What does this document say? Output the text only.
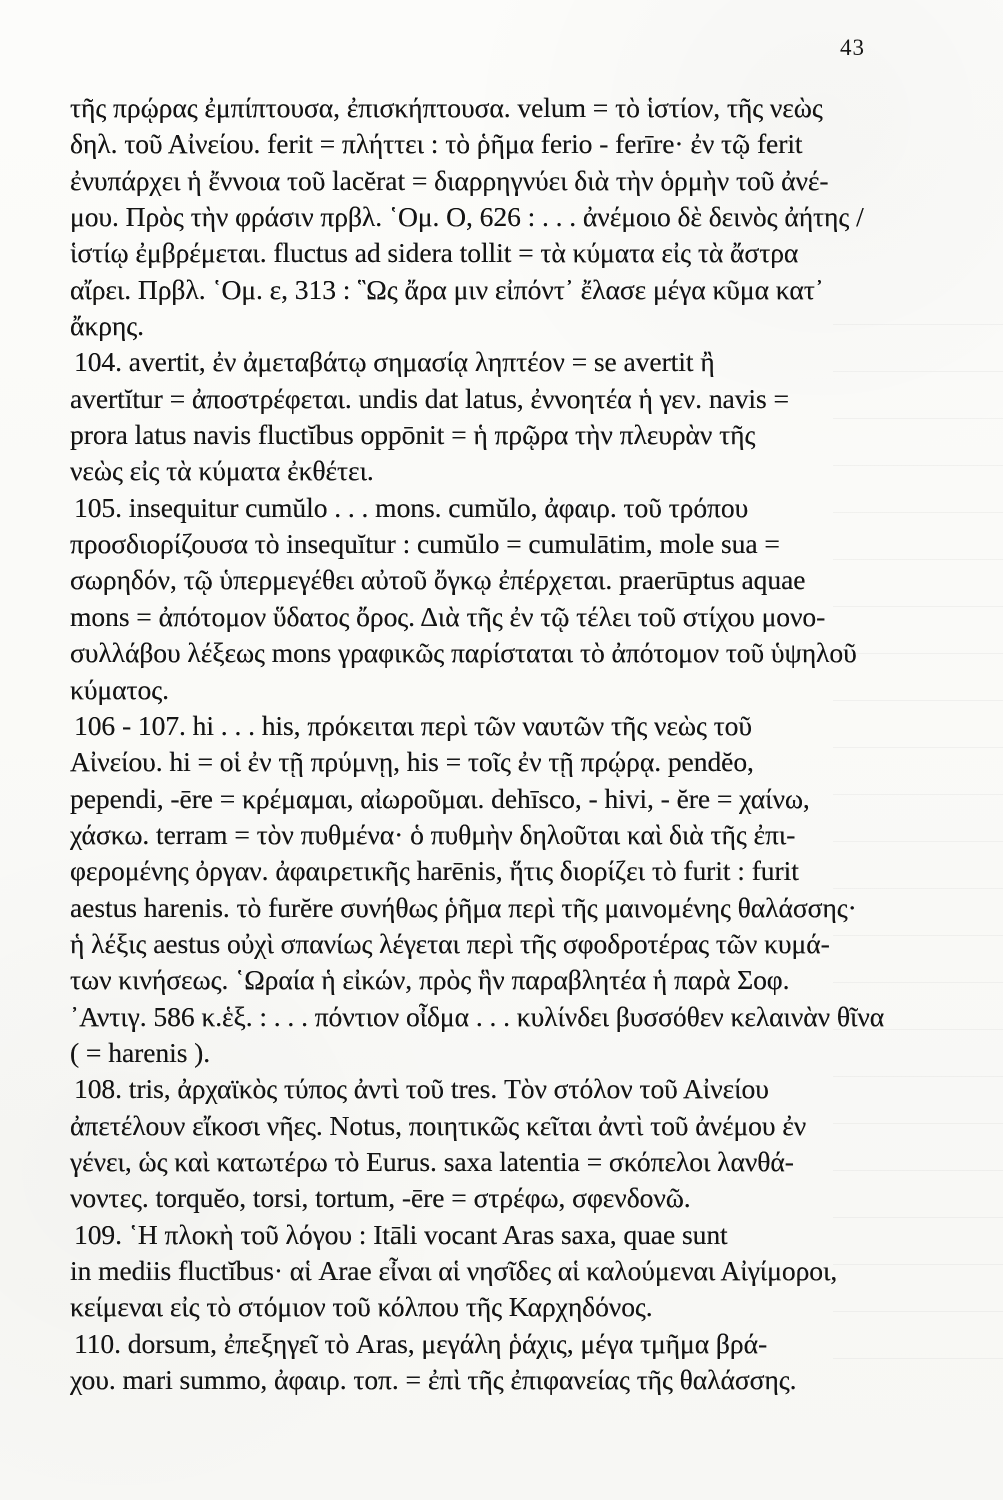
43
τῆς πρῴρας ἐμπίπτουσα, ἐπισκήπτουσα. velum = τὸ ἱστίον, τῆς νεὼς
δηλ. τοῦ Αἰνείου. ferit = πλήττει : τὸ ῥῆμα ferio - ferīre· ἐν τῷ ferit
ἐνυπάρχει ἡ ἔννοια τοῦ lacĕrat = διαρρηγνύει διὰ τὴν ὁρμὴν τοῦ ἀνέ-
μου. Πρὸς τὴν φράσιν πρβλ. ῾Ομ. Ο, 626 : . . . ἀνέμοιο δὲ δεινὸς ἀήτης /
ἱστίῳ ἐμβρέμεται. fluctus ad sidera tollit = τὰ κύματα εἰς τὰ ἄστρα
αἴρει. Πρβλ. ῾Ομ. ε, 313 : ῝Ως ἄρα μιν εἰπόντ᾽ ἔλασε μέγα κῦμα κατ᾽
ἄκρης.
104. avertit, ἐν ἀμεταβάτῳ σημασίᾳ ληπτέον = se avertit ἢ
avertĭtur = ἀποστρέφεται. undis dat latus, ἐννοητέα ἡ γεν. navis =
prora latus navis fluctĭbus oppōnit = ἡ πρῷρα τὴν πλευρὰν τῆς
νεὼς εἰς τὰ κύματα ἐκθέτει.
105. insequitur cumŭlo . . . mons. cumŭlo, ἀφαιρ. τοῦ τρόπου
προσδιορίζουσα τὸ insequĭtur : cumŭlo = cumulātim, mole sua =
σωρηδόν, τῷ ὑπερμεγέθει αὐτοῦ ὄγκῳ ἐπέρχεται. praerūptus aquae
mons = ἀπότομον ὕδατος ὄρος. Διὰ τῆς ἐν τῷ τέλει τοῦ στίχου μονο-
συλλάβου λέξεως mons γραφικῶς παρίσταται τὸ ἀπότομον τοῦ ὑψηλοῦ
κύματος.
106 - 107. hi . . . his, πρόκειται περὶ τῶν ναυτῶν τῆς νεὼς τοῦ
Αἰνείου. hi = οἱ ἐν τῇ πρύμνῃ, his = τοῖς ἐν τῇ πρῴρᾳ. pendĕo,
pependi, -ēre = κρέμαμαι, αἰωροῦμαι. dehīsco, - hivi, - ĕre = χαίνω,
χάσκω. terram = τὸν πυθμένα· ὁ πυθμὴν δηλοῦται καὶ διὰ τῆς ἐπι-
φερομένης ὀργαν. ἀφαιρετικῆς harēnis, ἥτις διορίζει τὸ furit : furit
aestus harenis. τὸ furĕre συνήθως ῥῆμα περὶ τῆς μαινομένης θαλάσσης·
ἡ λέξις aestus οὐχὶ σπανίως λέγεται περὶ τῆς σφοδροτέρας τῶν κυμά-
των κινήσεως. ῾Ωραία ἡ εἰκών, πρὸς ἣν παραβλητέα ἡ παρὰ Σοφ.
᾽Αντιγ. 586 κ.ἑξ. : . . . πόντιον οἶδμα . . . κυλίνδει βυσσόθεν κελαινὰν θῖνα
( = harenis ).
108. tris, ἀρχαϊκὸς τύπος ἀντὶ τοῦ tres. Τὸν στόλον τοῦ Αἰνείου
ἀπετέλουν εἴκοσι νῆες. Notus, ποιητικῶς κεῖται ἀντὶ τοῦ ἀνέμου ἐν
γένει, ὡς καὶ κατωτέρω τὸ Eurus. saxa latentia = σκόπελοι λανθά-
νοντες. torquĕo, torsi, tortum, -ēre = στρέφω, σφενδονῶ.
109. ῾Η πλοκὴ τοῦ λόγου : Itāli vocant Aras saxa, quae sunt
in mediis fluctĭbus· αἱ Arae εἶναι αἱ νησῖδες αἱ καλούμεναι Αἰγίμοροι,
κείμεναι εἰς τὸ στόμιον τοῦ κόλπου τῆς Καρχηδόνος.
110. dorsum, ἐπεξηγεῖ τὸ Aras, μεγάλη ῥάχις, μέγα τμῆμα βρά-
χου. mari summo, ἀφαιρ. τοπ. = ἐπὶ τῆς ἐπιφανείας τῆς θαλάσσης.
